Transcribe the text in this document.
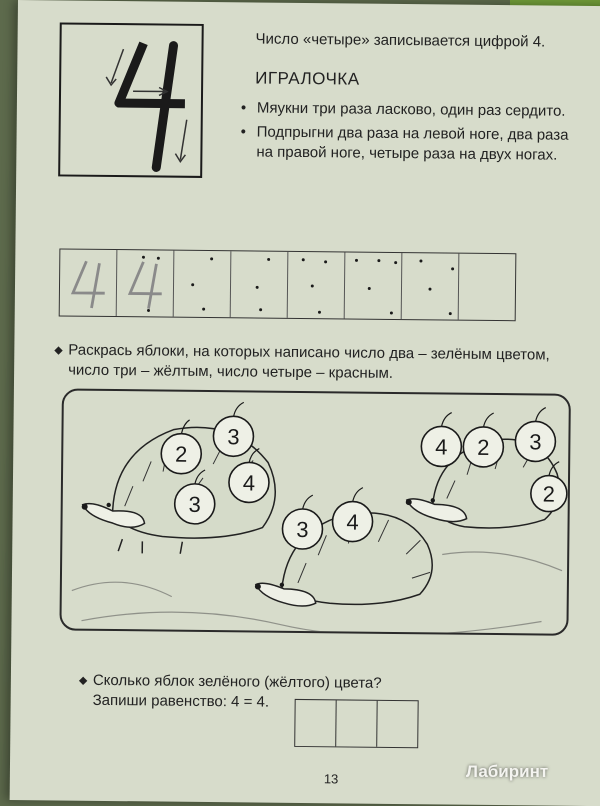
Число «четыре» записывается цифрой 4.
ИГРАЛОЧКА
• Мяукни три раза ласково, один раз сердито.
• Подпрыгни два раза на левой ноге, два раза на правой ноге, четыре раза на двух ногах.
◆ Раскрась яблоки, на которых написано число два – зелёным цветом, число три – жёлтым, число четыре – красным.
2
3
4
3
4 2 3
2
3 4
◆ Сколько яблок зелёного (жёлтого) цвета?
Запиши равенство: 4 = 4.
13	Лабиринт
